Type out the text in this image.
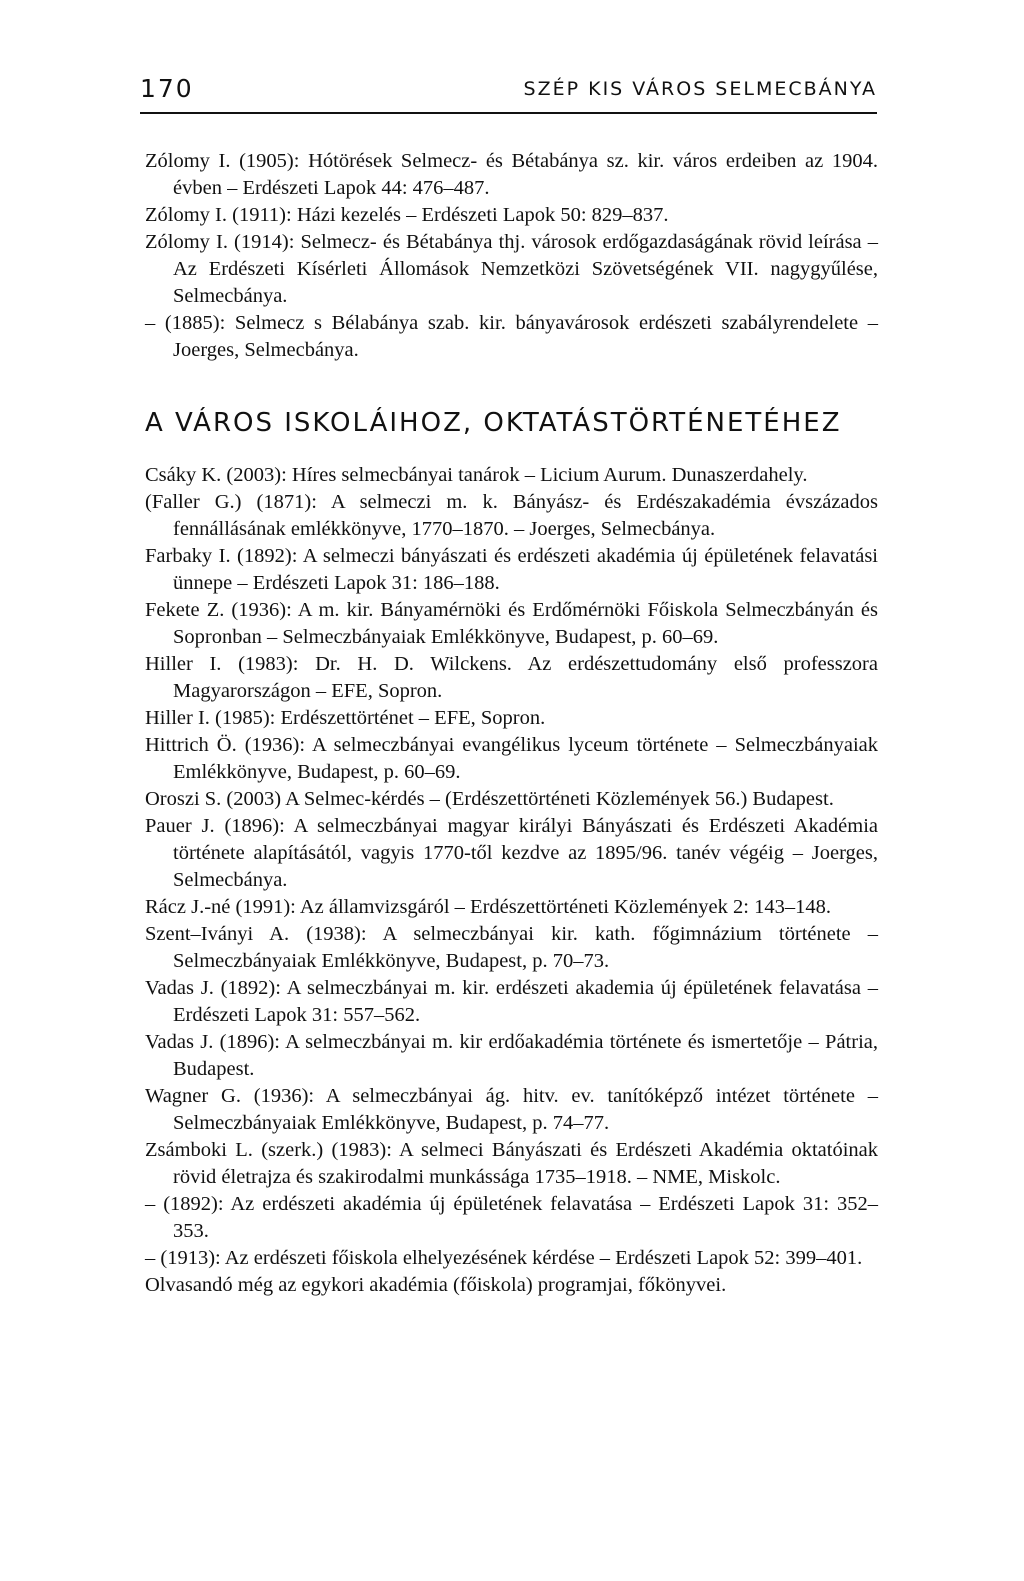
170	SZÉP KIS VÁROS SELMECBÁNYA

Zólomy I. (1905): Hótörések Selmecz- és Bétabánya sz. kir. város erdeiben az 1904. évben – Erdészeti Lapok 44: 476–487.

Zólomy I. (1911): Házi kezelés – Erdészeti Lapok 50: 829–837.

Zólomy I. (1914): Selmecz- és Bétabánya thj. városok erdőgazdaságának rövid leírása – Az Erdészeti Kísérleti Állomások Nemzetközi Szövetségének VII. nagygyűlése, Selmecbánya.

– (1885): Selmecz s Bélabánya szab. kir. bányavárosok erdészeti szabályrendelete – Joerges, Selmecbánya.

A VÁROS ISKOLÁIHOZ, OKTATÁSTÖRTÉNETÉHEZ

Csáky K. (2003): Híres selmecbányai tanárok – Licium Aurum. Dunaszerdahely.

(Faller G.) (1871): A selmeczi m. k. Bányász- és Erdészakadémia évszázados fennállásának emlékkönyve, 1770–1870. – Joerges, Selmecbánya.

Farbaky I. (1892): A selmeczi bányászati és erdészeti akadémia új épületének felavatási ünnepe – Erdészeti Lapok 31: 186–188.

Fekete Z. (1936): A m. kir. Bányamérnöki és Erdőmérnöki Főiskola Selmeczbányán és Sopronban – Selmeczbányaiak Emlékkönyve, Budapest, p. 60–69.

Hiller I. (1983): Dr. H. D. Wilckens. Az erdészettudomány első professzora Magyarországon – EFE, Sopron.

Hiller I. (1985): Erdészettörténet – EFE, Sopron.

Hittrich Ö. (1936): A selmeczbányai evangélikus lyceum története – Selmeczbányaiak Emlékkönyve, Budapest, p. 60–69.

Oroszi S. (2003) A Selmec-kérdés – (Erdészettörténeti Közlemények 56.) Budapest.

Pauer J. (1896): A selmeczbányai magyar királyi Bányászati és Erdészeti Akadémia története alapításától, vagyis 1770-től kezdve az 1895/96. tanév végéig – Joerges, Selmecbánya.

Rácz J.-né (1991): Az államvizsgáról – Erdészettörténeti Közlemények 2: 143–148.

Szent–Iványi A. (1938): A selmeczbányai kir. kath. főgimnázium története – Selmeczbányaiak Emlékkönyve, Budapest, p. 70–73.

Vadas J. (1892): A selmeczbányai m. kir. erdészeti akademia új épületének felavatása – Erdészeti Lapok 31: 557–562.

Vadas J. (1896): A selmeczbányai m. kir erdőakadémia története és ismertetője – Pátria, Budapest.

Wagner G. (1936): A selmeczbányai ág. hitv. ev. tanítóképző intézet története – Selmeczbányaiak Emlékkönyve, Budapest, p. 74–77.

Zsámboki L. (szerk.) (1983): A selmeci Bányászati és Erdészeti Akadémia oktatóinak rövid életrajza és szakirodalmi munkássága 1735–1918. – NME, Miskolc.

– (1892): Az erdészeti akadémia új épületének felavatása – Erdészeti Lapok 31: 352–353.

– (1913): Az erdészeti főiskola elhelyezésének kérdése – Erdészeti Lapok 52: 399–401.

Olvasandó még az egykori akadémia (főiskola) programjai, főkönyvei.
